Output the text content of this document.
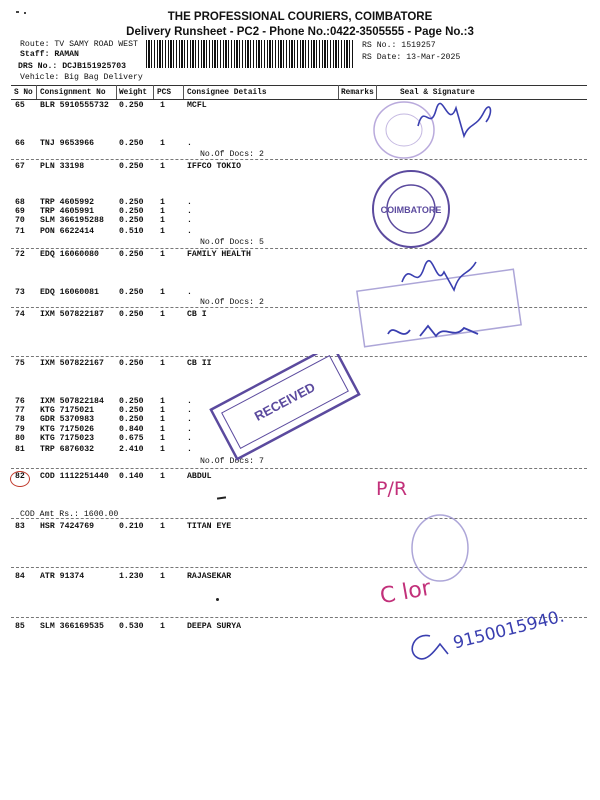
THE PROFESSIONAL COURIERS, COIMBATORE
Delivery Runsheet - PC2 - Phone No.:0422-3505555 - Page No.:3
Route: TV SAMY ROAD WEST
Staff: RAMAN
DRS No.: DCJB151925703
Vehicle: Big Bag Delivery
RS No.: 1519257
RS Date: 13-Mar-2025
S No Consignment No Weight PCS Consignee Details	Remarks	Seal & Signature
65 BLR 5910555732 0.250 1	MCFL
66 TNJ 9653966	0.250 1	.
67 PLN 33198	0.250 1	IFFCO TOKIO
68 TRP 4605992	0.250 1	.
69 TRP 4605991	0.250 1	.
70 SLM 366195288 0.250 1	.
71 PON 6622414	0.510 1	.
72 EDQ 16060080 0.250 1	FAMILY HEALTH
73 EDQ 16060081 0.250 1	.
74 IXM 507822187 0.250 1	CB I
75 IXM 507822167 0.250 1	CB II
76 IXM 507822184 0.250 1	.
77 KTG 7175021	0.250 1	.
78 GDR 5370983	0.250 1	.
79 KTG 7175026	0.840 1	.
80 KTG 7175023	0.675 1	.
81 TRP 6876032	2.410 1	.
82 COD 1112251440 0.140 1	ABDUL
83 HSR 7424769	0.210 1	TITAN EYE
84 ATR 91374	1.230 1	RAJASEKAR
85 SLM 366169535 0.530 1	DEEPA SURYA
No.Of Docs: 2
No.Of Docs: 5
No.Of Docs: 2
No.Of Docs: 7
COD Amt Rs.: 1600.00
COIMBATORE
RECEIVED
P/R
C lor
9150015940.
